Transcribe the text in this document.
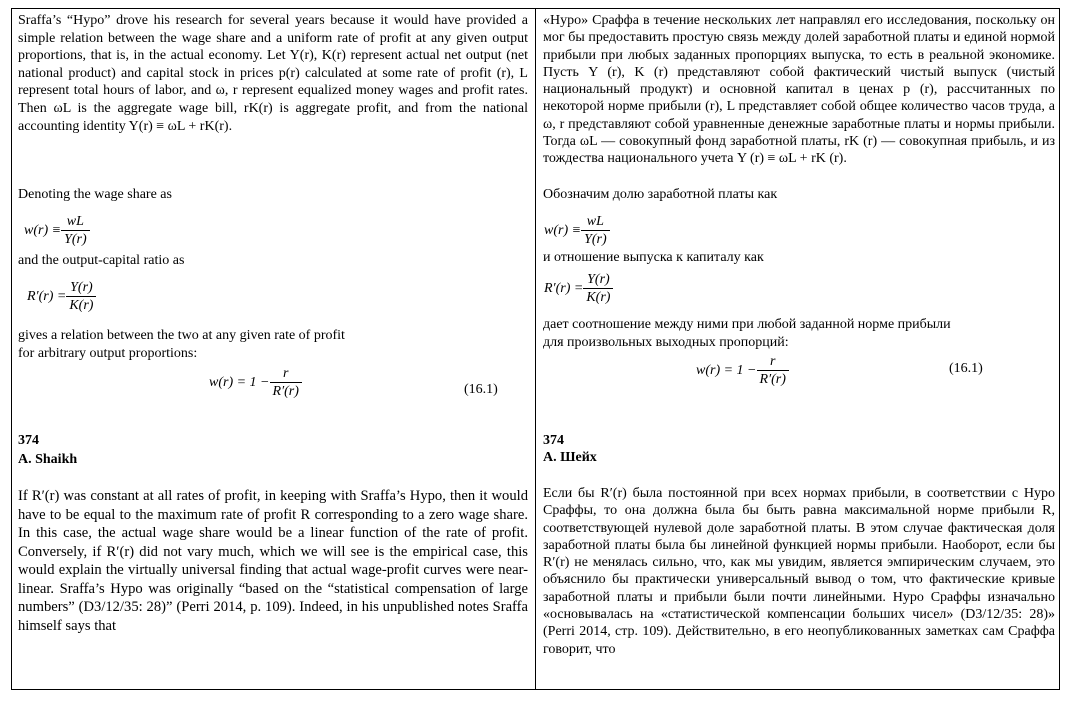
Sraffa’s “Hypo” drove his research for several years because it would have provided a simple relation between the wage share and a uniform rate of profit at any given output proportions, that is, in the actual economy. Let Y(r), K(r) represent actual net output (net national product) and capital stock in prices p(r) calculated at some rate of profit (r), L represent total hours of labor, and ω, r represent equalized money wages and profit rates. Then ωL is the aggregate wage bill, rK(r) is aggregate profit, and from the national accounting identity Y(r) ≡ ωL + rK(r).
Denoting the wage share as
$w(r) \equiv \frac{wL}{Y(r)}$
and the output-capital ratio as
$R'(r) = \frac{Y(r)}{K(r)}$
gives a relation between the two at any given rate of profit
for arbitrary output proportions:
$w(r) = 1 - \frac{r}{R'(r)}$	(16.1)
374
A. Shaikh
If R′(r) was constant at all rates of profit, in keeping with Sraffa’s Hypo, then it would have to be equal to the maximum rate of profit R corresponding to a zero wage share. In this case, the actual wage share would be a linear function of the rate of profit. Conversely, if R′(r) did not vary much, which we will see is the empirical case, this would explain the virtually universal finding that actual wage-profit curves were near-linear. Sraffa’s Hypo was originally “based on the “statistical compensation of large numbers” (D3/12/35: 28)” (Perri 2014, p. 109). Indeed, in his unpublished notes Sraffa himself says that
«Нуро» Сраффа в течение нескольких лет направлял его исследования, поскольку он мог бы предоставить простую связь между долей заработной платы и единой нормой прибыли при любых заданных пропорциях выпуска, то есть в реальной экономике. Пусть Y (r), K (r) представляют собой фактический чистый выпуск (чистый национальный продукт) и основной капитал в ценах p (r), рассчитанных по некоторой норме прибыли (r), L представляет собой общее количество часов труда, а ω, r представляют собой уравненные денежные заработные платы и нормы прибыли. Тогда ωL — совокупный фонд заработной платы, rK (r) — совокупная прибыль, и из тождества национального учета Y (r) ≡ ωL + rK (r).
Обозначим долю заработной платы как
$w(r) \equiv \frac{wL}{Y(r)}$
и отношение выпуска к капиталу как
$R'(r) = \frac{Y(r)}{K(r)}$
дает соотношение между ними при любой заданной норме прибыли
для произвольных выходных пропорций:
$w(r) = 1 - \frac{r}{R'(r)}$	(16.1)
374
А. Шейх
Если бы R′(r) была постоянной при всех нормах прибыли, в соответствии с Нуро Сраффы, то она должна была бы быть равна максимальной норме прибыли R, соответствующей нулевой доле заработной платы. В этом случае фактическая доля заработной платы была бы линейной функцией нормы прибыли. Наоборот, если бы R′(r) не менялась сильно, что, как мы увидим, является эмпирическим случаем, это объяснило бы практически универсальный вывод о том, что фактические кривые заработной платы и прибыли были почти линейными. Нуро Сраффы изначально «основывалась на «статистической компенсации больших чисел» (D3/12/35: 28)» (Perri 2014, стр. 109). Действительно, в его неопубликованных заметках сам Сраффа говорит, что
